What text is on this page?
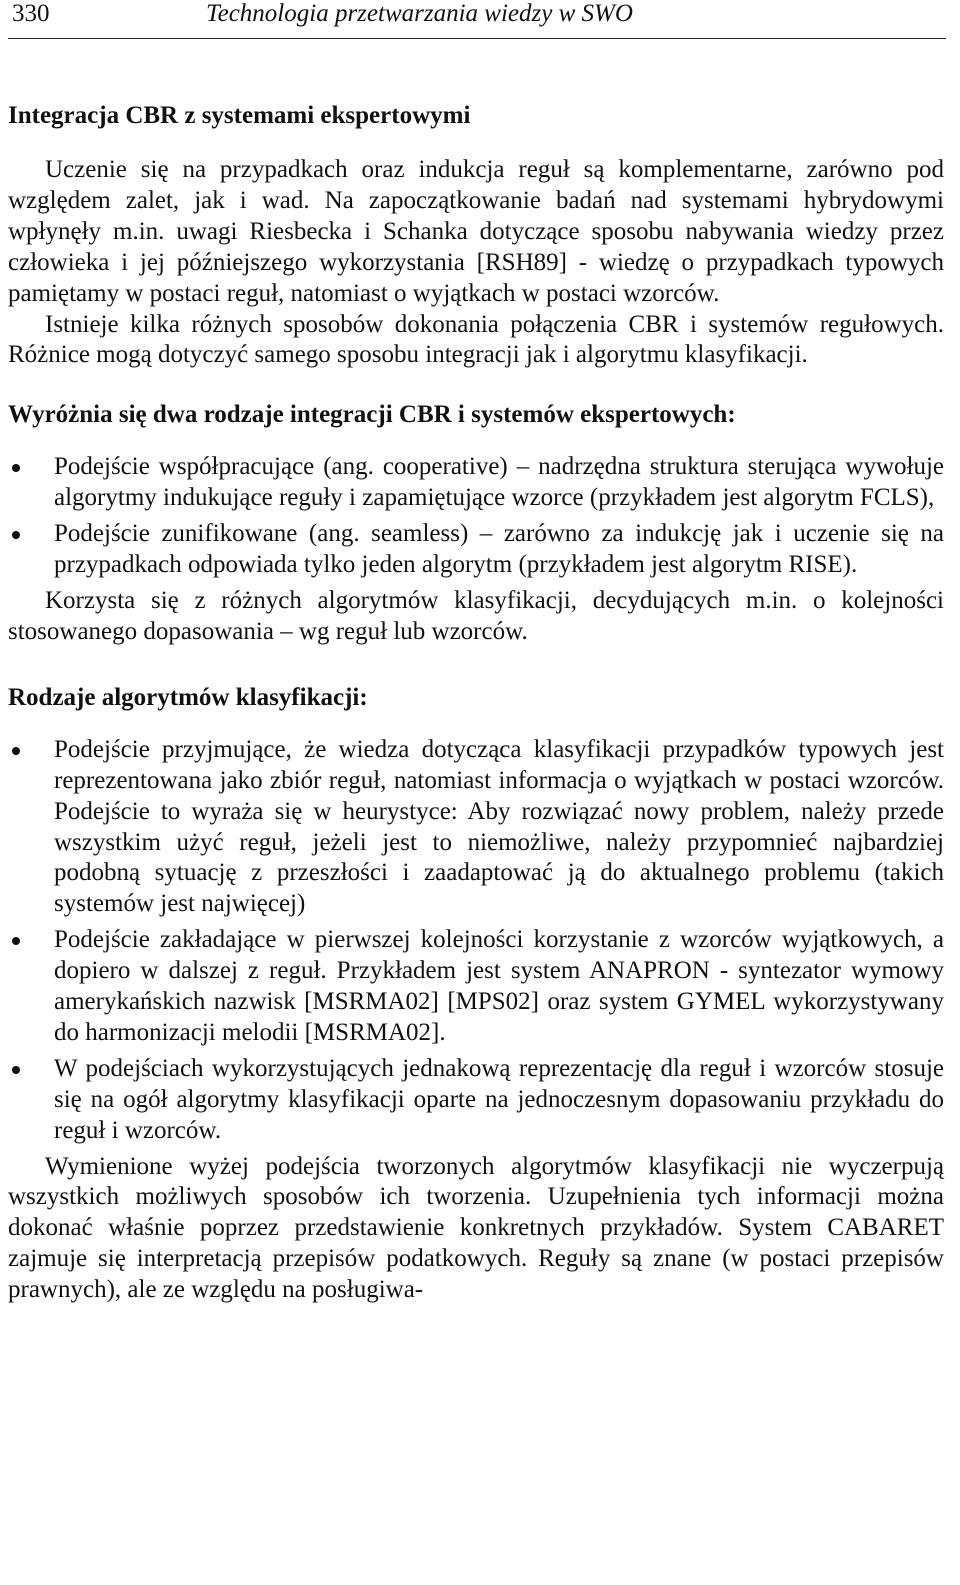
330	Technologia przetwarzania wiedzy w SWO
Integracja CBR z systemami ekspertowymi

Uczenie się na przypadkach oraz indukcja reguł są komplementarne, zarówno pod względem zalet, jak i wad. Na zapoczątkowanie badań nad systemami hybrydowymi wpłynęły m.in. uwagi Riesbecka i Schanka dotyczące sposobu nabywania wiedzy przez człowieka i jej późniejszego wykorzystania [RSH89] - wiedzę o przypadkach typowych pamiętamy w postaci reguł, natomiast o wyjątkach w postaci wzorców.

Istnieje kilka różnych sposobów dokonania połączenia CBR i systemów regułowych. Różnice mogą dotyczyć samego sposobu integracji jak i algorytmu klasyfikacji.

Wyróżnia się dwa rodzaje integracji CBR i systemów ekspertowych:
Podejście współpracujące (ang. cooperative) – nadrzędna struktura sterująca wywołuje algorytmy indukujące reguły i zapamiętujące wzorce (przykładem jest algorytm FCLS),
Podejście zunifikowane (ang. seamless) – zarówno za indukcję jak i uczenie się na przypadkach odpowiada tylko jeden algorytm (przykładem jest algorytm RISE).

Korzysta się z różnych algorytmów klasyfikacji, decydujących m.in. o kolejności stosowanego dopasowania – wg reguł lub wzorców.

Rodzaje algorytmów klasyfikacji:
Podejście przyjmujące, że wiedza dotycząca klasyfikacji przypadków typowych jest reprezentowana jako zbiór reguł, natomiast informacja o wyjątkach w postaci wzorców. Podejście to wyraża się w heurystyce: Aby rozwiązać nowy problem, należy przede wszystkim użyć reguł, jeżeli jest to niemożliwe, należy przypomnieć najbardziej podobną sytuację z przeszłości i zaadaptować ją do aktualnego problemu (takich systemów jest najwięcej)
Podejście zakładające w pierwszej kolejności korzystanie z wzorców wyjątkowych, a dopiero w dalszej z reguł. Przykładem jest system ANAPRON - syntezator wymowy amerykańskich nazwisk [MSRMA02] [MPS02] oraz system GYMEL wykorzystywany do harmonizacji melodii [MSRMA02].
W podejściach wykorzystujących jednakową reprezentację dla reguł i wzorców stosuje się na ogół algorytmy klasyfikacji oparte na jednoczesnym dopasowaniu przykładu do reguł i wzorców.

Wymienione wyżej podejścia tworzonych algorytmów klasyfikacji nie wyczerpują wszystkich możliwych sposobów ich tworzenia. Uzupełnienia tych informacji można dokonać właśnie poprzez przedstawienie konkretnych przykładów. System CABARET zajmuje się interpretacją przepisów podatkowych. Reguły są znane (w postaci przepisów prawnych), ale ze względu na posługiwa-
